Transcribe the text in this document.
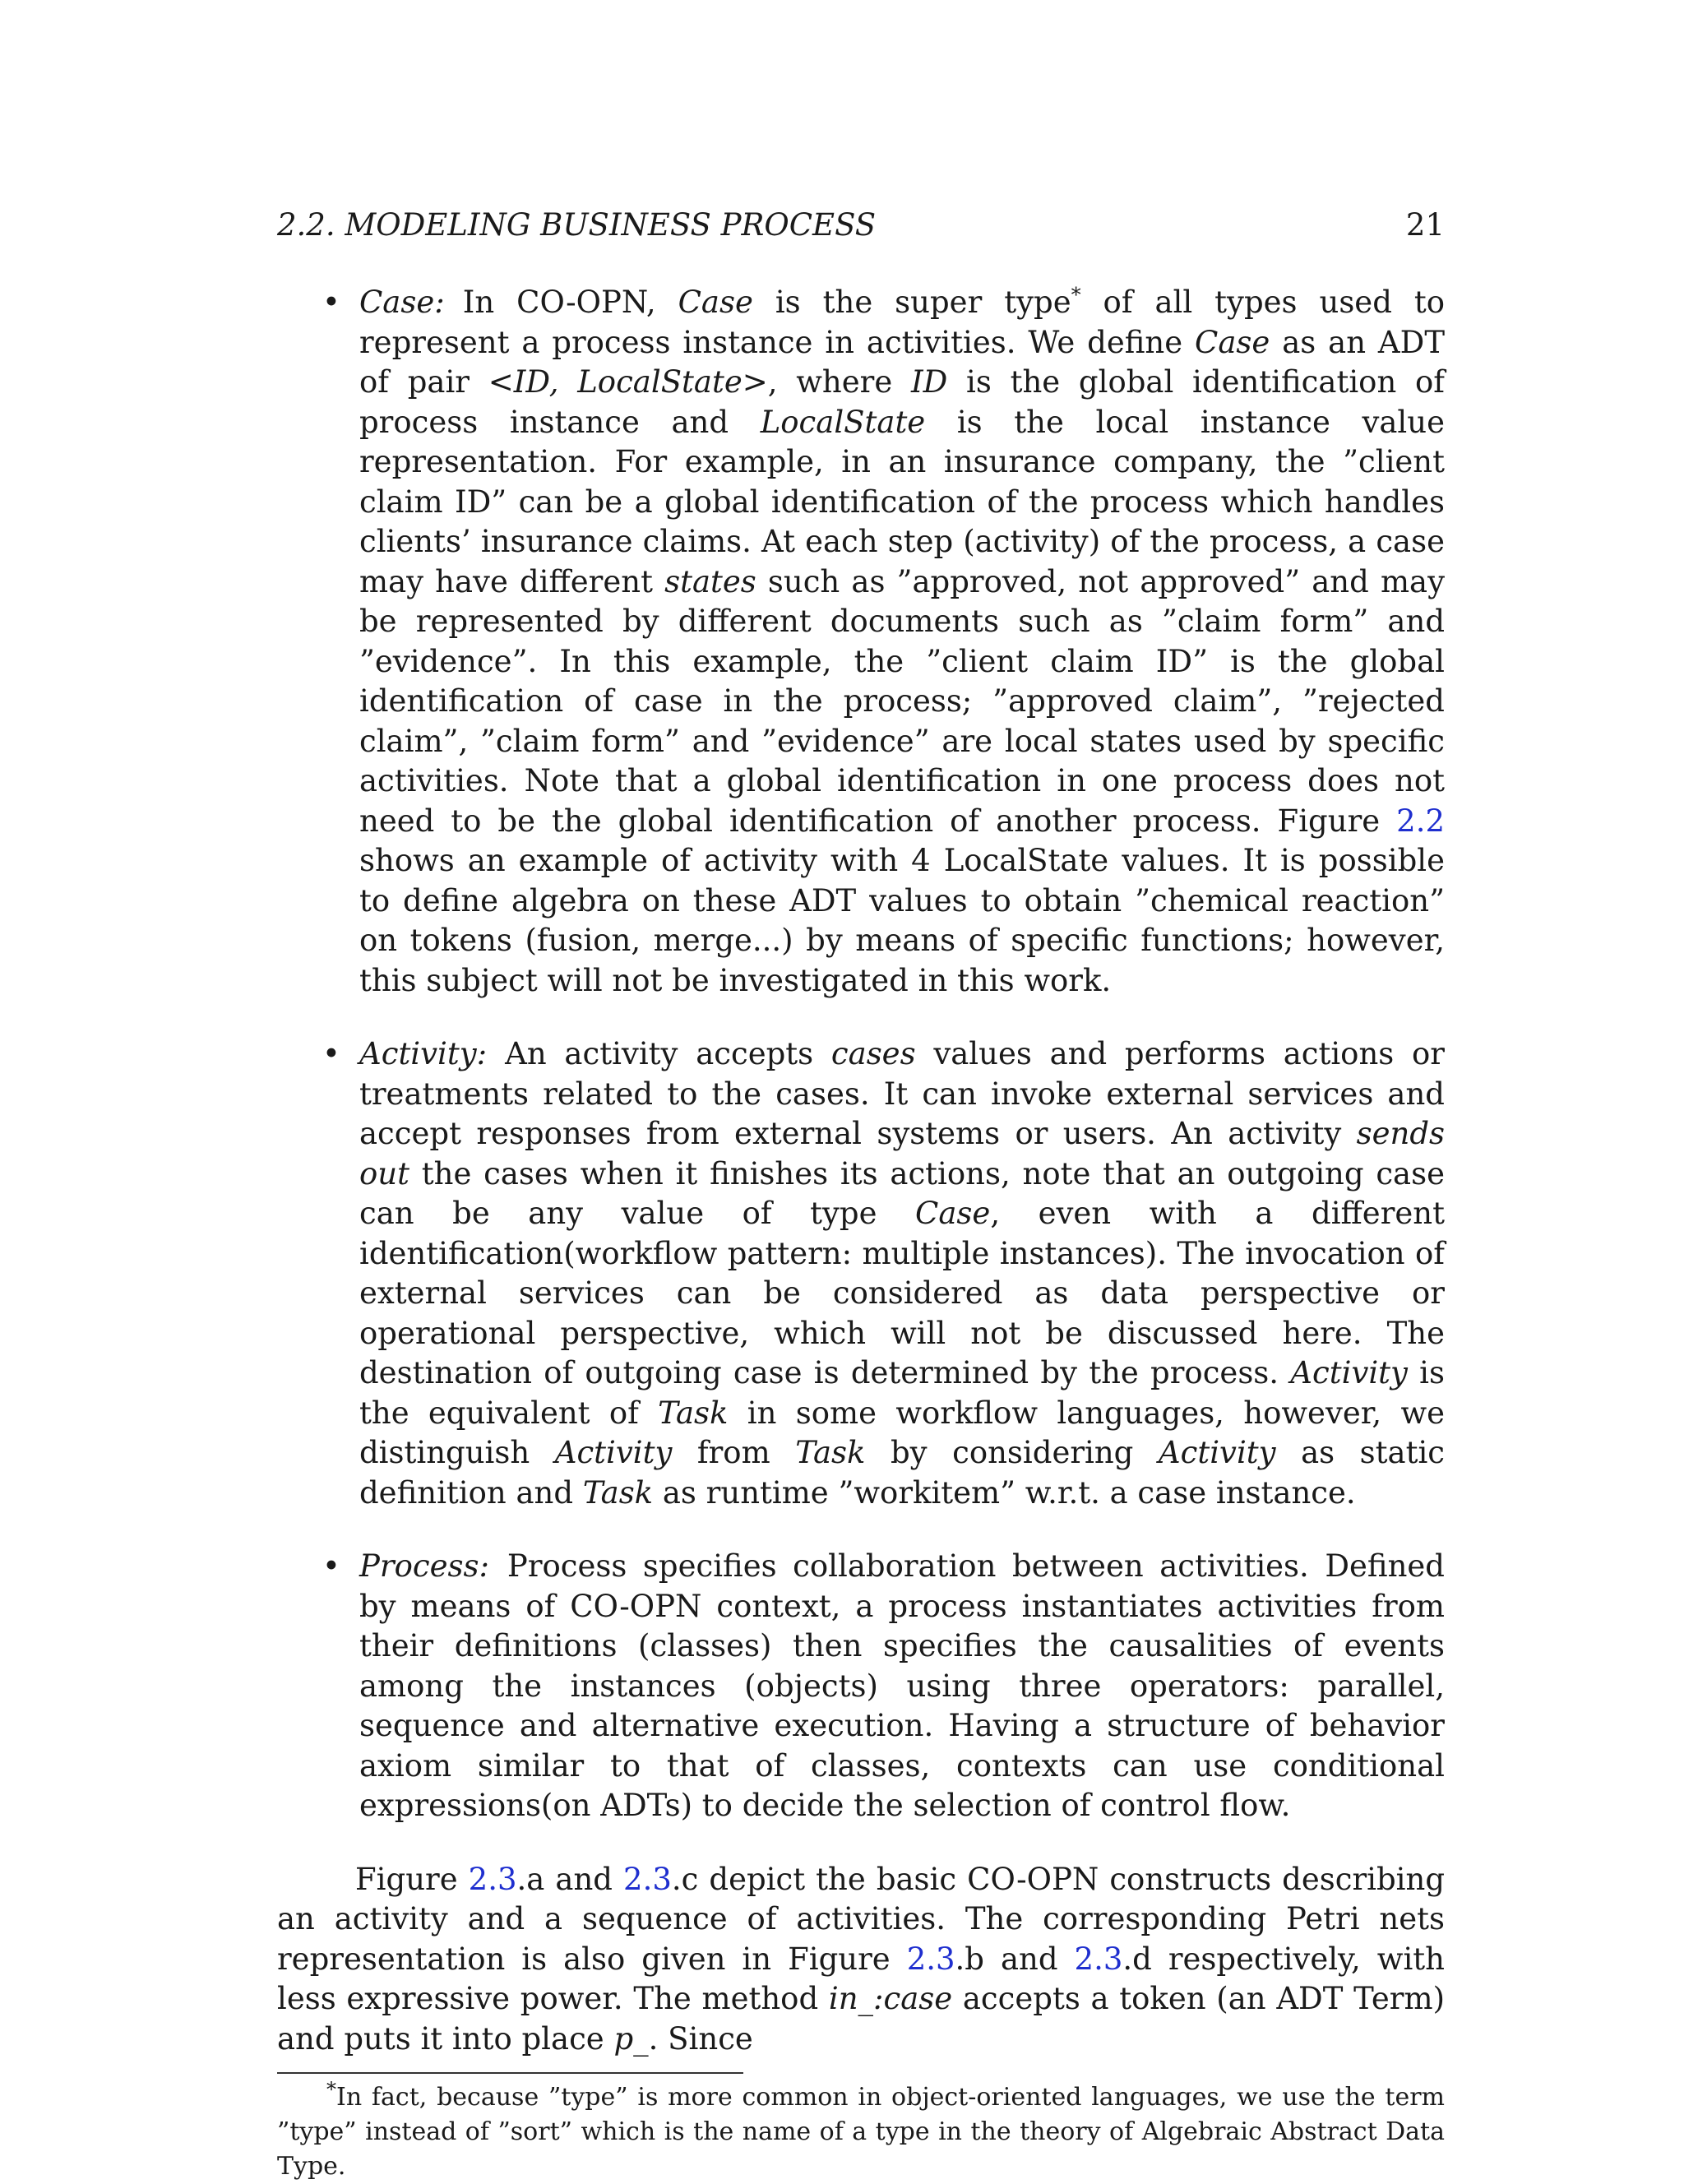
2.2. MODELING BUSINESS PROCESS	21
• Case: In CO-OPN, Case is the super type* of all types used to represent a process instance in activities. We define Case as an ADT of pair <ID, LocalState>, where ID is the global identification of process instance and LocalState is the local instance value representation. For example, in an insurance company, the ”client claim ID” can be a global identification of the process which handles clients’ insurance claims. At each step (activity) of the process, a case may have different states such as ”approved, not approved” and may be represented by different documents such as ”claim form” and ”evidence”. In this example, the ”client claim ID” is the global identification of case in the process; ”approved claim”, ”rejected claim”, ”claim form” and ”evidence” are local states used by specific activities. Note that a global identification in one process does not need to be the global identification of another process. Figure 2.2 shows an example of activity with 4 LocalState values. It is possible to define algebra on these ADT values to obtain ”chemical reaction” on tokens (fusion, merge...) by means of specific functions; however, this subject will not be investigated in this work.
• Activity: An activity accepts cases values and performs actions or treatments related to the cases. It can invoke external services and accept responses from external systems or users. An activity sends out the cases when it finishes its actions, note that an outgoing case can be any value of type Case, even with a different identification(workflow pattern: multiple instances). The invocation of external services can be considered as data perspective or operational perspective, which will not be discussed here. The destination of outgoing case is determined by the process. Activity is the equivalent of Task in some workflow languages, however, we distinguish Activity from Task by considering Activity as static definition and Task as runtime ”workitem” w.r.t. a case instance.
• Process: Process specifies collaboration between activities. Defined by means of CO-OPN context, a process instantiates activities from their definitions (classes) then specifies the causalities of events among the instances (objects) using three operators: parallel, sequence and alternative execution. Having a structure of behavior axiom similar to that of classes, contexts can use conditional expressions(on ADTs) to decide the selection of control flow.

Figure 2.3.a and 2.3.c depict the basic CO-OPN constructs describing an activity and a sequence of activities. The corresponding Petri nets representation is also given in Figure 2.3.b and 2.3.d respectively, with less expressive power. The method in_:case accepts a token (an ADT Term) and puts it into place p_. Since

*In fact, because ”type” is more common in object-oriented languages, we use the term ”type” instead of ”sort” which is the name of a type in the theory of Algebraic Abstract Data Type.
